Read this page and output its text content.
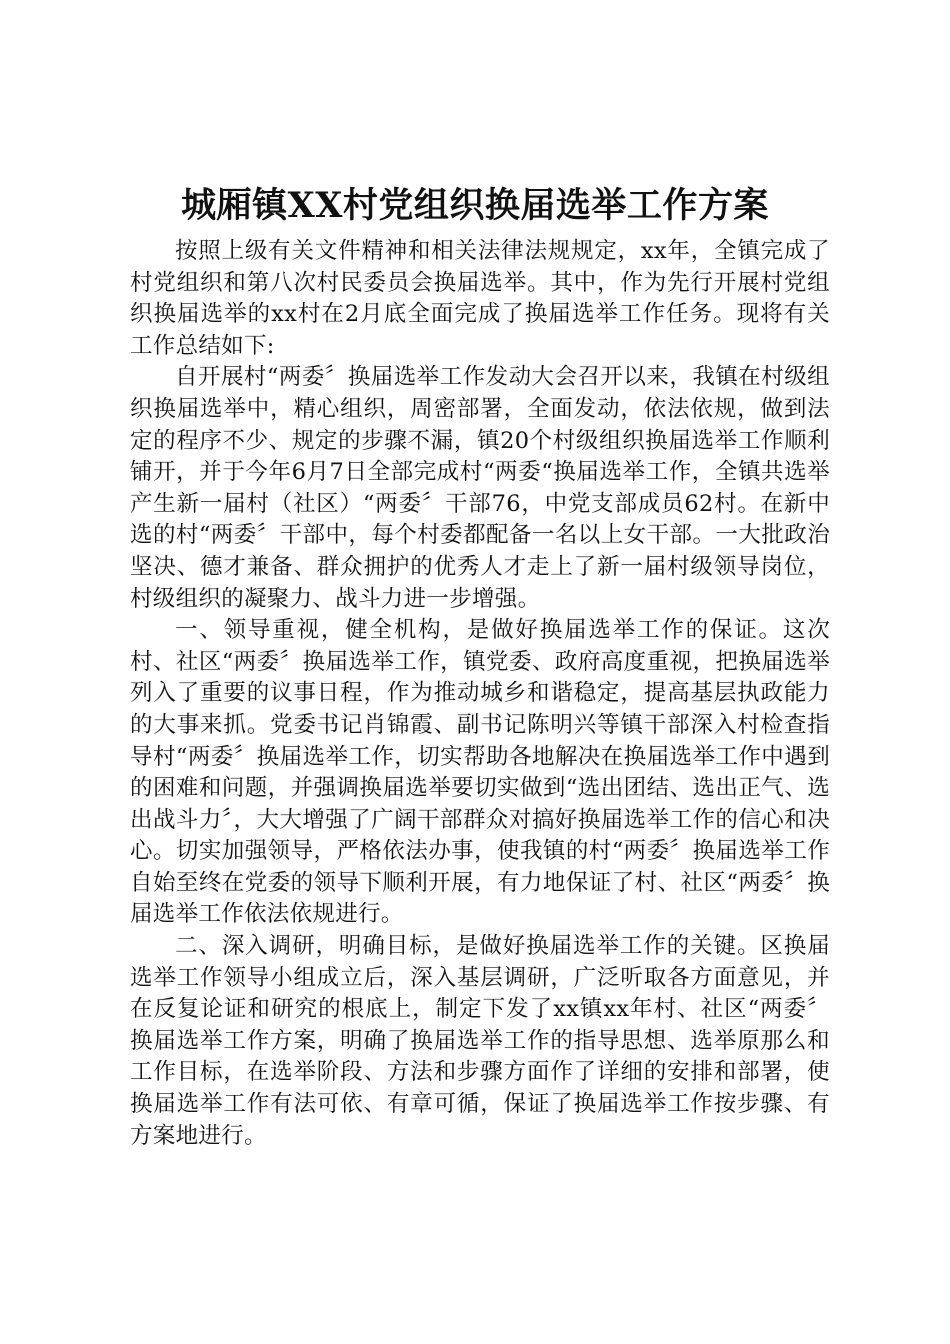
城厢镇XX村党组织换届选举工作方案

按照上级有关文件精神和相关法律法规规定，xx年，全镇完成了村党组织和第八次村民委员会换届选举。其中，作为先行开展村党组织换届选举的xx村在2月底全面完成了换届选举工作任务。现将有关工作总结如下:

自开展村“两委〞换届选举工作发动大会召开以来，我镇在村级组织换届选举中，精心组织，周密部署，全面发动，依法依规，做到法定的程序不少、规定的步骤不漏，镇20个村级组织换届选举工作顺利铺开，并于今年6月7日全部完成村“两委“换届选举工作，全镇共选举产生新一届村（社区）“两委〞干部76，中党支部成员62村。在新中选的村“两委〞干部中，每个村委都配备一名以上女干部。一大批政治坚决、德才兼备、群众拥护的优秀人才走上了新一届村级领导岗位，村级组织的凝聚力、战斗力进一步增强。

一、领导重视，健全机构，是做好换届选举工作的保证。这次村、社区“两委〞换届选举工作，镇党委、政府高度重视，把换届选举列入了重要的议事日程，作为推动城乡和谐稳定，提高基层执政能力的大事来抓。党委书记肖锦霞、副书记陈明兴等镇干部深入村检查指导村“两委〞换届选举工作，切实帮助各地解决在换届选举工作中遇到的困难和问题，并强调换届选举要切实做到“选出团结、选出正气、选出战斗力〞，大大增强了广阔干部群众对搞好换届选举工作的信心和决心。切实加强领导，严格依法办事，使我镇的村“两委〞换届选举工作自始至终在党委的领导下顺利开展，有力地保证了村、社区“两委〞换届选举工作依法依规进行。

二、深入调研，明确目标，是做好换届选举工作的关键。区换届选举工作领导小组成立后，深入基层调研，广泛听取各方面意见，并在反复论证和研究的根底上，制定下发了xx镇xx年村、社区“两委〞换届选举工作方案，明确了换届选举工作的指导思想、选举原那么和工作目标，在选举阶段、方法和步骤方面作了详细的安排和部署，使换届选举工作有法可依、有章可循，保证了换届选举工作按步骤、有方案地进行。
